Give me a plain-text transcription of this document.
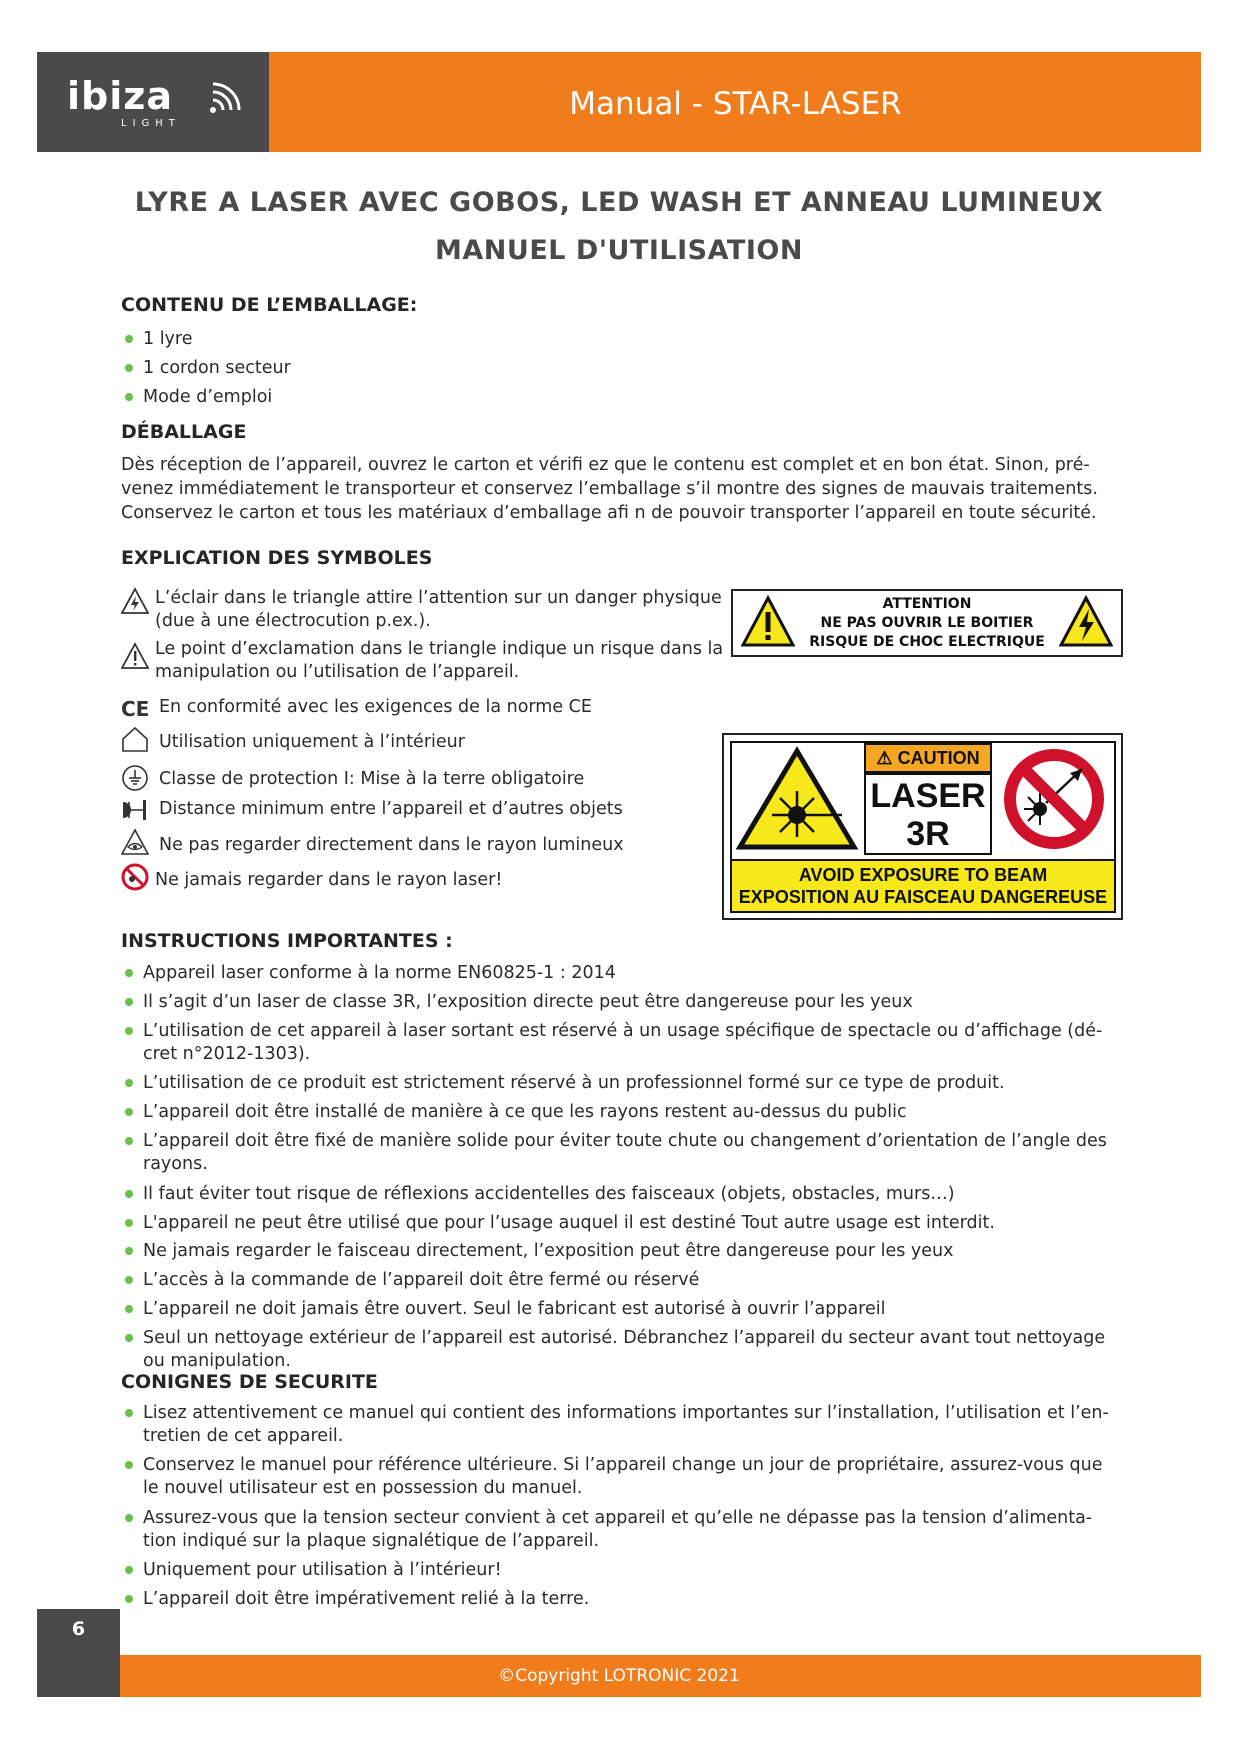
ibiza
LIGHT
Manual - STAR-LASER
LYRE A LASER AVEC GOBOS, LED WASH ET ANNEAU LUMINEUX
MANUEL D'UTILISATION
CONTENU DE L’EMBALLAGE:
1 lyre
1 cordon secteur
Mode d’emploi
DÉBALLAGE
Dès réception de l’appareil, ouvrez le carton et vérifi ez que le contenu est complet et en bon état. Sinon, pré-
venez immédiatement le transporteur et conservez l’emballage s’il montre des signes de mauvais traitements.
Conservez le carton et tous les matériaux d’emballage afi n de pouvoir transporter l’appareil en toute sécurité.
EXPLICATION DES SYMBOLES
L’éclair dans le triangle attire l’attention sur un danger physique
(due à une électrocution p.ex.).
Le point d’exclamation dans le triangle indique un risque dans la
manipulation ou l’utilisation de l’appareil.
CE En conformité avec les exigences de la norme CE
Utilisation uniquement à l’intérieur
Classe de protection I: Mise à la terre obligatoire
Distance minimum entre l’appareil et d’autres objets
Ne pas regarder directement dans le rayon lumineux
Ne jamais regarder dans le rayon laser!
ATTENTION
NE PAS OUVRIR LE BOITIER
RISQUE DE CHOC ELECTRIQUE
⚠ CAUTION
LASER
3R
AVOID EXPOSURE TO BEAM
EXPOSITION AU FAISCEAU DANGEREUSE
INSTRUCTIONS IMPORTANTES :
Appareil laser conforme à la norme EN60825-1 : 2014
Il s’agit d’un laser de classe 3R, l’exposition directe peut être dangereuse pour les yeux
L’utilisation de cet appareil à laser sortant est réservé à un usage spécifique de spectacle ou d’affichage (dé-
cret n°2012-1303).
L’utilisation de ce produit est strictement réservé à un professionnel formé sur ce type de produit.
L’appareil doit être installé de manière à ce que les rayons restent au-dessus du public
L’appareil doit être fixé de manière solide pour éviter toute chute ou changement d’orientation de l’angle des
rayons.
Il faut éviter tout risque de réflexions accidentelles des faisceaux (objets, obstacles, murs…)
L'appareil ne peut être utilisé que pour l’usage auquel il est destiné Tout autre usage est interdit.
Ne jamais regarder le faisceau directement, l’exposition peut être dangereuse pour les yeux
L’accès à la commande de l’appareil doit être fermé ou réservé
L’appareil ne doit jamais être ouvert. Seul le fabricant est autorisé à ouvrir l’appareil
Seul un nettoyage extérieur de l’appareil est autorisé. Débranchez l’appareil du secteur avant tout nettoyage
ou manipulation.
CONIGNES DE SECURITE
Lisez attentivement ce manuel qui contient des informations importantes sur l’installation, l’utilisation et l’en-
tretien de cet appareil.
Conservez le manuel pour référence ultérieure. Si l’appareil change un jour de propriétaire, assurez-vous que
le nouvel utilisateur est en possession du manuel.
Assurez-vous que la tension secteur convient à cet appareil et qu’elle ne dépasse pas la tension d’alimenta-
tion indiqué sur la plaque signalétique de l’appareil.
Uniquement pour utilisation à l’intérieur!
L’appareil doit être impérativement relié à la terre.
©Copyright LOTRONIC 2021
6
